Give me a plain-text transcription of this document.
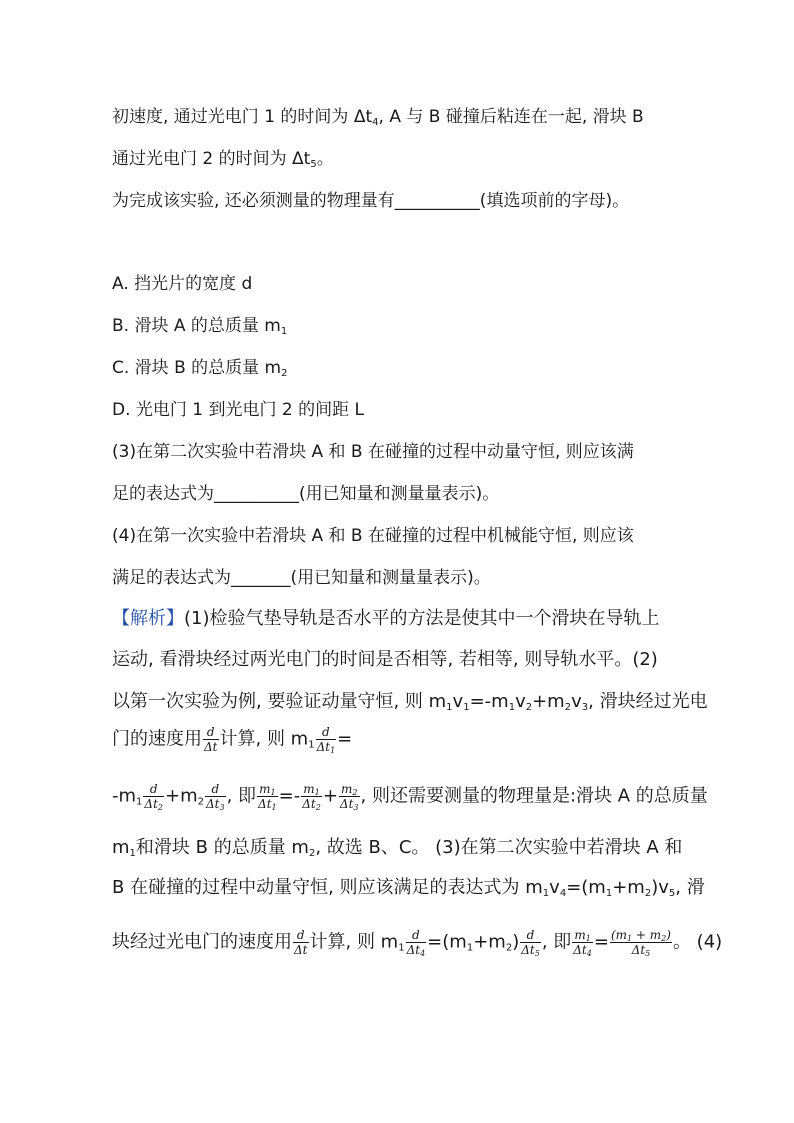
初速度, 通过光电门 1 的时间为 $\Delta t_4$, A 与 B 碰撞后粘连在一起, 滑块 B
通过光电门 2 的时间为 $\Delta t_5$。
为完成该实验, 还必须测量的物理量有__________(填选项前的字母)。
A. 挡光片的宽度 d
B. 滑块 A 的总质量 $m_1$
C. 滑块 B 的总质量 $m_2$
D. 光电门 1 到光电门 2 的间距 L
(3)在第二次实验中若滑块 A 和 B 在碰撞的过程中动量守恒, 则应该满
足的表达式为__________(用已知量和测量量表示)。
(4)在第一次实验中若滑块 A 和 B 在碰撞的过程中机械能守恒, 则应该
满足的表达式为_______(用已知量和测量量表示)。
【解析】(1)检验气垫导轨是否水平的方法是使其中一个滑块在导轨上
运动, 看滑块经过两光电门的时间是否相等, 若相等, 则导轨水平。(2)
以第一次实验为例, 要验证动量守恒, 则 $m_1v_1=-m_1v_2+m_2v_3$, 滑块经过光电
门的速度用 $\frac{d}{\Delta t}$ 计算, 则 $m_1 \frac{d}{\Delta t_1}$ =
$-m_1 \frac{d}{\Delta t_2} +m_2 \frac{d}{\Delta t_3}$ , 即 $\frac{m_1}{\Delta t_1} =- \frac{m_1}{\Delta t_2} + \frac{m_2}{\Delta t_3}$ , 则还需要测量的物理量是:滑块 A 的总质量
$m_1$和滑块 B 的总质量 $m_2$, 故选 B、C。 (3)在第二次实验中若滑块 A 和
B 在碰撞的过程中动量守恒, 则应该满足的表达式为 $m_1v_4=(m_1+m_2)v_5$, 滑
块经过光电门的速度用 $\frac{d}{\Delta t}$ 计算, 则 $m_1 \frac{d}{\Delta t_4} =(m_1+m_2) \frac{d}{\Delta t_5}$ , 即 $\frac{m_1}{\Delta t_4} = \frac{(m_1 + m_2)}{\Delta t_5}$ 。 (4)
